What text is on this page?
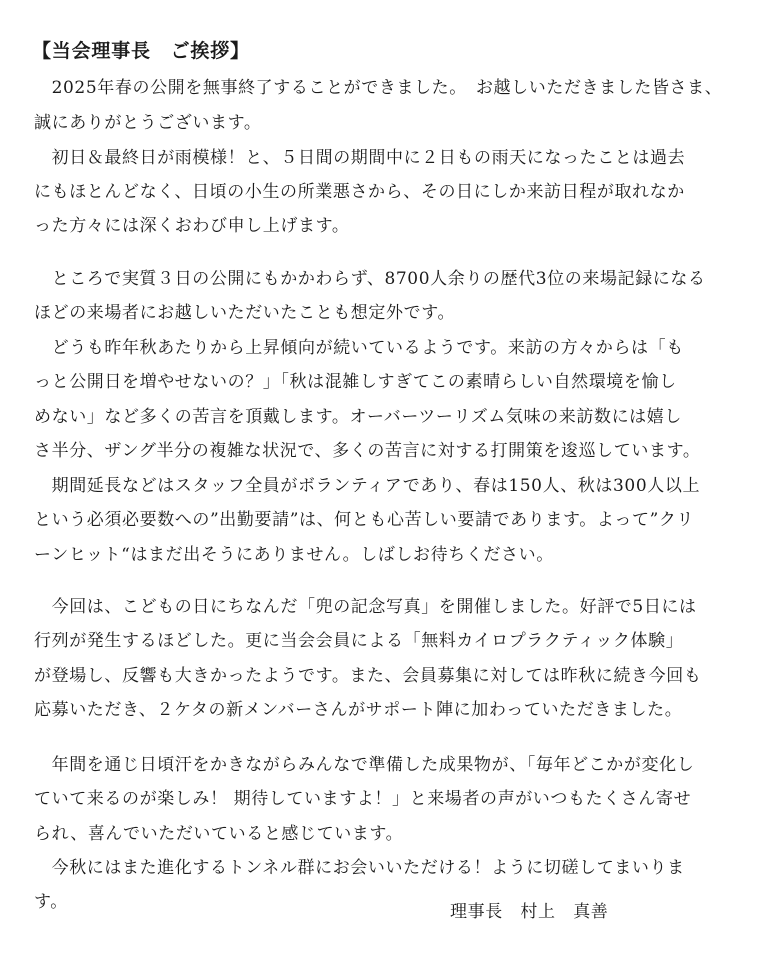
【当会理事長　ご挨拶】
　2025年春の公開を無事終了することができました。　お越しいただきました皆さま、
誠にありがとうございます。
　初日＆最終日が雨模様！と、５日間の期間中に２日もの雨天になったことは過去
にもほとんどなく、日頃の小生の所業悪さから、その日にしか来訪日程が取れなか
った方々には深くおわび申し上げます。
　ところで実質３日の公開にもかかわらず、8700人余りの歴代3位の来場記録になる
ほどの来場者にお越しいただいたことも想定外です。
　どうも昨年秋あたりから上昇傾向が続いているようです。来訪の方々からは「も
っと公開日を増やせないの？」「秋は混雑しすぎてこの素晴らしい自然環境を愉し
めない」など多くの苦言を頂戴します。オーバーツーリズム気味の来訪数には嬉し
さ半分、ザング半分の複雑な状況で、多くの苦言に対する打開策を逡巡しています。
　期間延長などはスタッフ全員がボランティアであり、春は150人、秋は300人以上
という必須必要数への”出勤要請”は、何とも心苦しい要請であります。よって”クリ
ーンヒット“はまだ出そうにありません。しばしお待ちください。
　今回は、こどもの日にちなんだ「兜の記念写真」を開催しました。好評で5日には
行列が発生するほどした。更に当会会員による「無料カイロプラクティック体験」
が登場し、反響も大きかったようです。また、会員募集に対しては昨秋に続き今回も
応募いただき、２ケタの新メンバーさんがサポート陣に加わっていただきました。
　年間を通じ日頃汗をかきながらみんなで準備した成果物が、「毎年どこかが変化し
ていて来るのが楽しみ！ 期待していますよ！」と来場者の声がいつもたくさん寄せ
られ、喜んでいただいていると感じています。
　今秋にはまた進化するトンネル群にお会いいただける！ように切磋してまいりま
す。	理事長　村上　真善
